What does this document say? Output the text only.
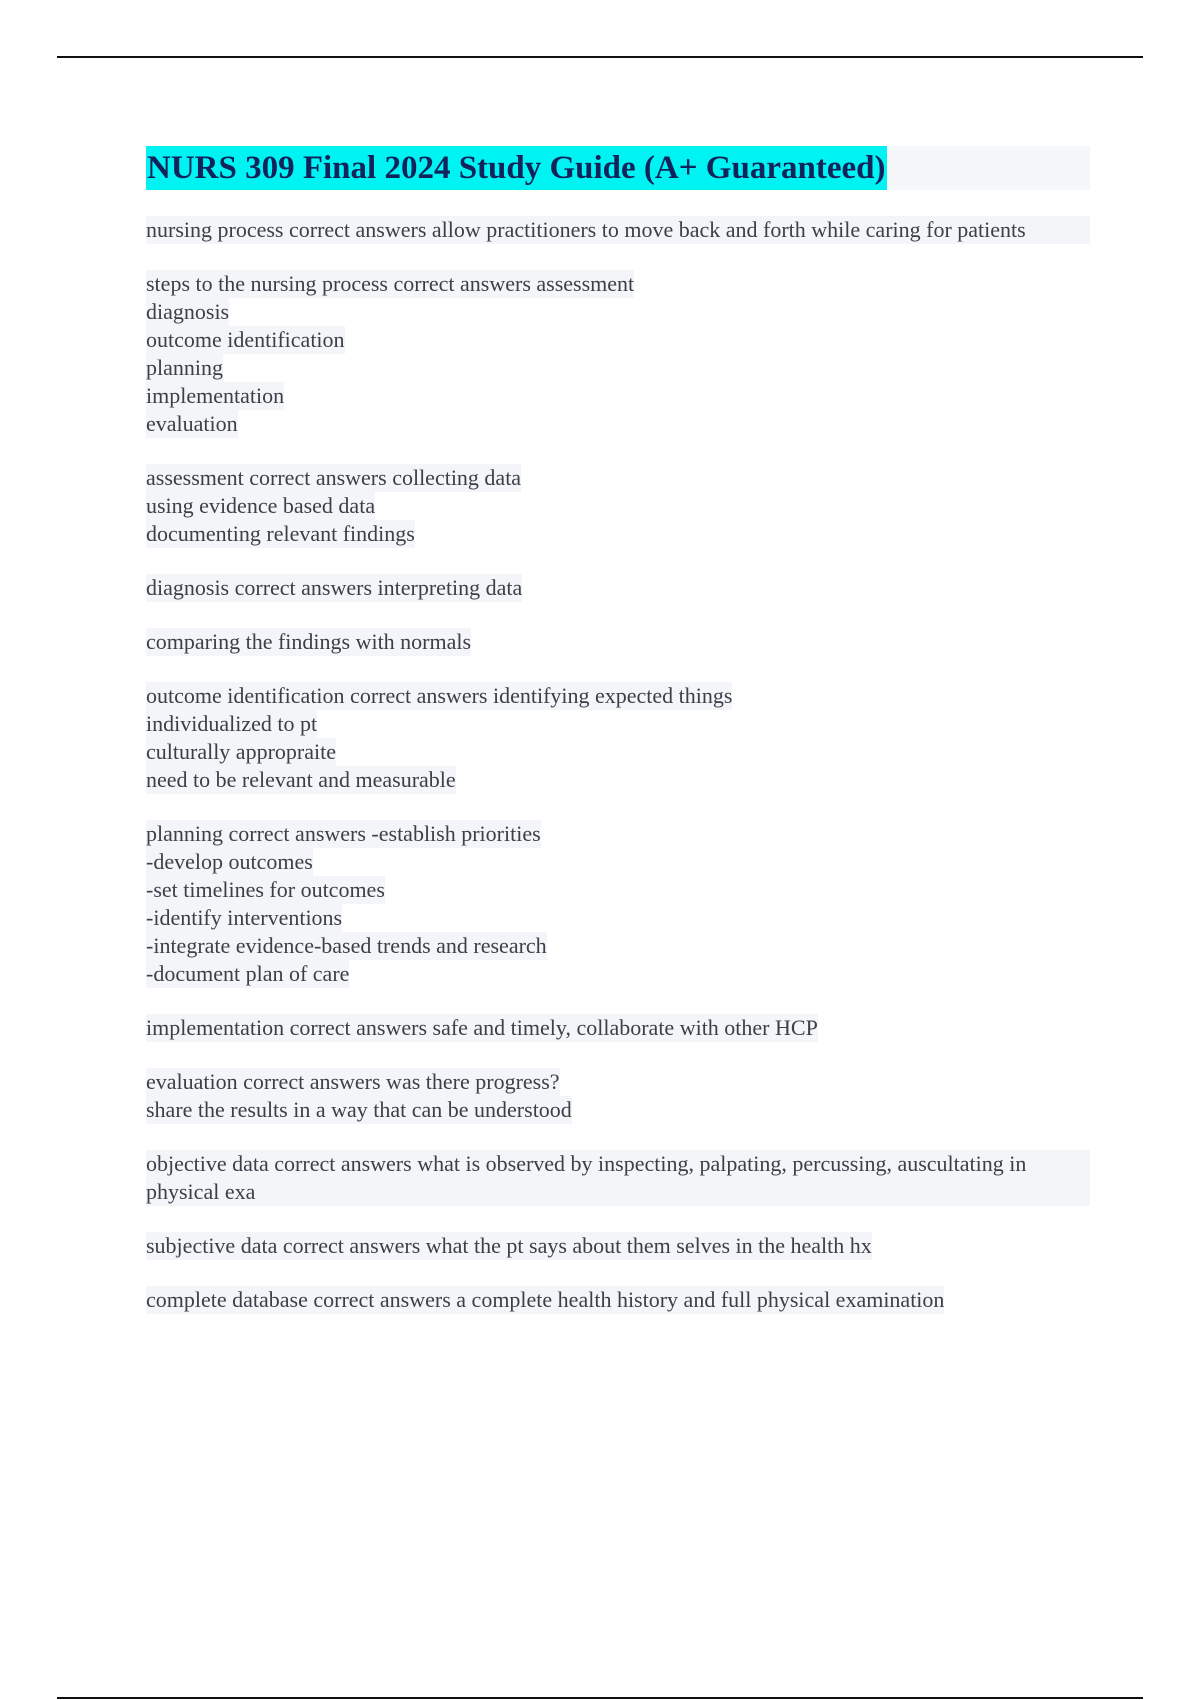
NURS 309 Final 2024 Study Guide (A+ Guaranteed)
nursing process correct answers allow practitioners to move back and forth while caring for patients
steps to the nursing process correct answers assessment
diagnosis
outcome identification
planning
implementation
evaluation
assessment correct answers collecting data
using evidence based data
documenting relevant findings
diagnosis correct answers interpreting data
comparing the findings with normals
outcome identification correct answers identifying expected things
individualized to pt
culturally appropraite
need to be relevant and measurable
planning correct answers -establish priorities
-develop outcomes
-set timelines for outcomes
-identify interventions
-integrate evidence-based trends and research
-document plan of care
implementation correct answers safe and timely, collaborate with other HCP
evaluation correct answers was there progress?
share the results in a way that can be understood
objective data correct answers what is observed by inspecting, palpating, percussing, auscultating in physical exa
subjective data correct answers what the pt says about them selves in the health hx
complete database correct answers a complete health history and full physical examination
